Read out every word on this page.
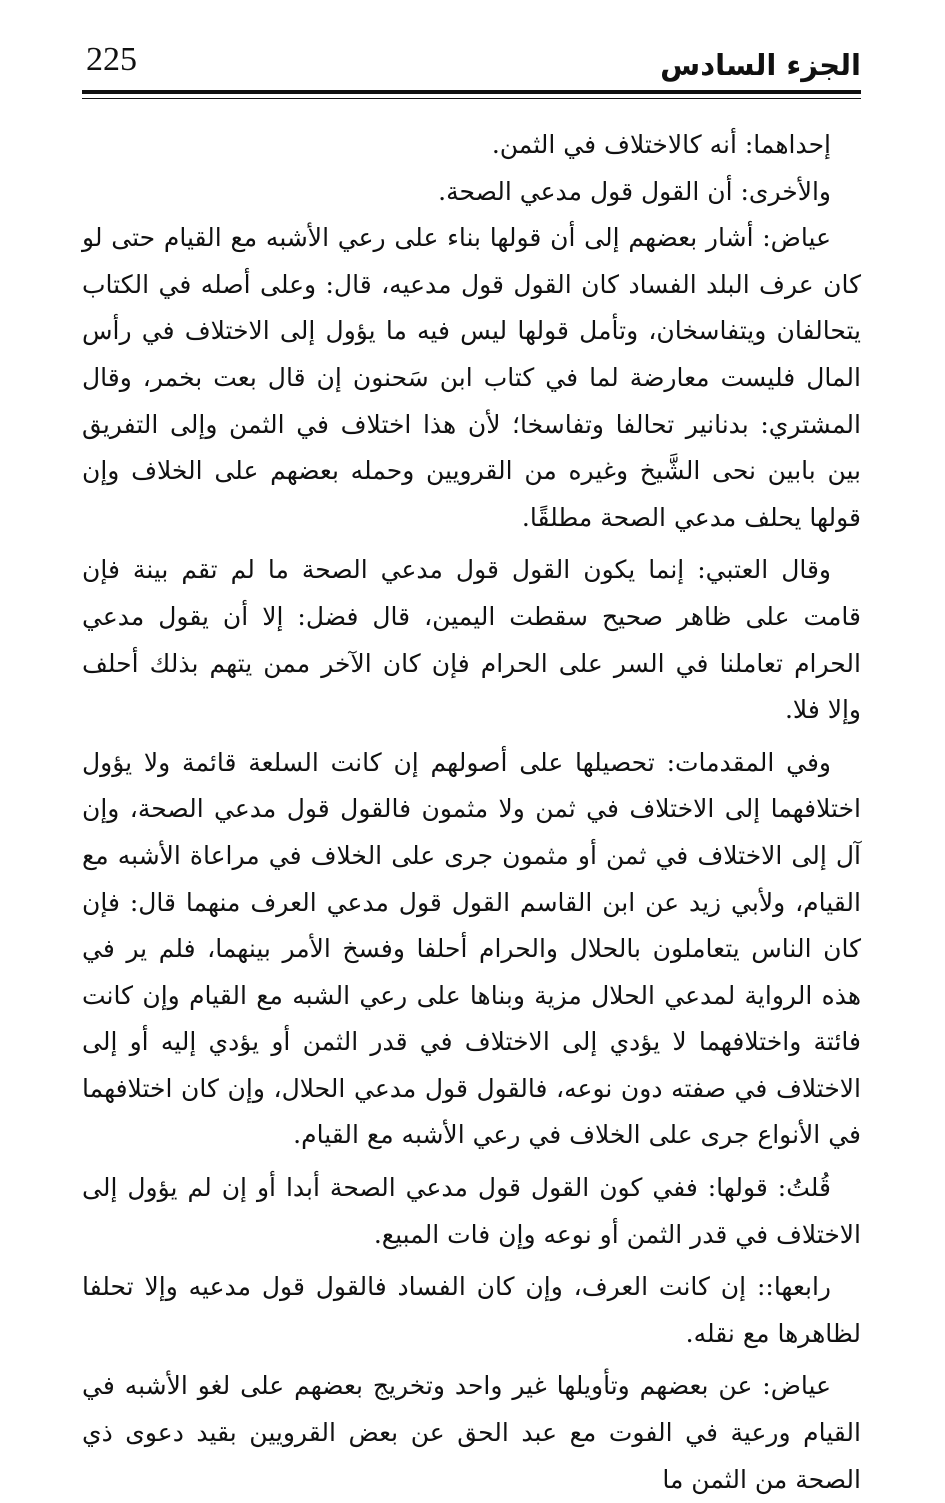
225	الجزء السادس

إحداهما: أنه كالاختلاف في الثمن.

والأخرى: أن القول قول مدعي الصحة.

عياض: أشار بعضهم إلى أن قولها بناء على رعي الأشبه مع القيام حتى لو كان عرف البلد الفساد كان القول قول مدعيه، قال: وعلى أصله في الكتاب يتحالفان ويتفاسخان، وتأمل قولها ليس فيه ما يؤول إلى الاختلاف في رأس المال فليست معارضة لما في كتاب ابن سَحنون إن قال بعت بخمر، وقال المشتري: بدنانير تحالفا وتفاسخا؛ لأن هذا اختلاف في الثمن وإلى التفريق بين بابين نحى الشَّيخ وغيره من القرويين وحمله بعضهم على الخلاف وإن قولها يحلف مدعي الصحة مطلقًا.

وقال العتبي: إنما يكون القول قول مدعي الصحة ما لم تقم بينة فإن قامت على ظاهر صحيح سقطت اليمين، قال فضل: إلا أن يقول مدعي الحرام تعاملنا في السر على الحرام فإن كان الآخر ممن يتهم بذلك أحلف وإلا فلا.

وفي المقدمات: تحصيلها على أصولهم إن كانت السلعة قائمة ولا يؤول اختلافهما إلى الاختلاف في ثمن ولا مثمون فالقول قول مدعي الصحة، وإن آل إلى الاختلاف في ثمن أو مثمون جرى على الخلاف في مراعاة الأشبه مع القيام، ولأبي زيد عن ابن القاسم القول قول مدعي العرف منهما قال: فإن كان الناس يتعاملون بالحلال والحرام أحلفا وفسخ الأمر بينهما، فلم ير في هذه الرواية لمدعي الحلال مزية وبناها على رعي الشبه مع القيام وإن كانت فائتة واختلافهما لا يؤدي إلى الاختلاف في قدر الثمن أو يؤدي إليه أو إلى الاختلاف في صفته دون نوعه، فالقول قول مدعي الحلال، وإن كان اختلافهما في الأنواع جرى على الخلاف في رعي الأشبه مع القيام.

قُلتُ: قولها: ففي كون القول قول مدعي الصحة أبدا أو إن لم يؤول إلى الاختلاف في قدر الثمن أو نوعه وإن فات المبيع.

رابعها:: إن كانت العرف، وإن كان الفساد فالقول قول مدعيه وإلا تحلفا لظاهرها مع نقله.

عياض: عن بعضهم وتأويلها غير واحد وتخريج بعضهم على لغو الأشبه في القيام ورعية في الفوت مع عبد الحق عن بعض القرويين بقيد دعوى ذي الصحة من الثمن ما
